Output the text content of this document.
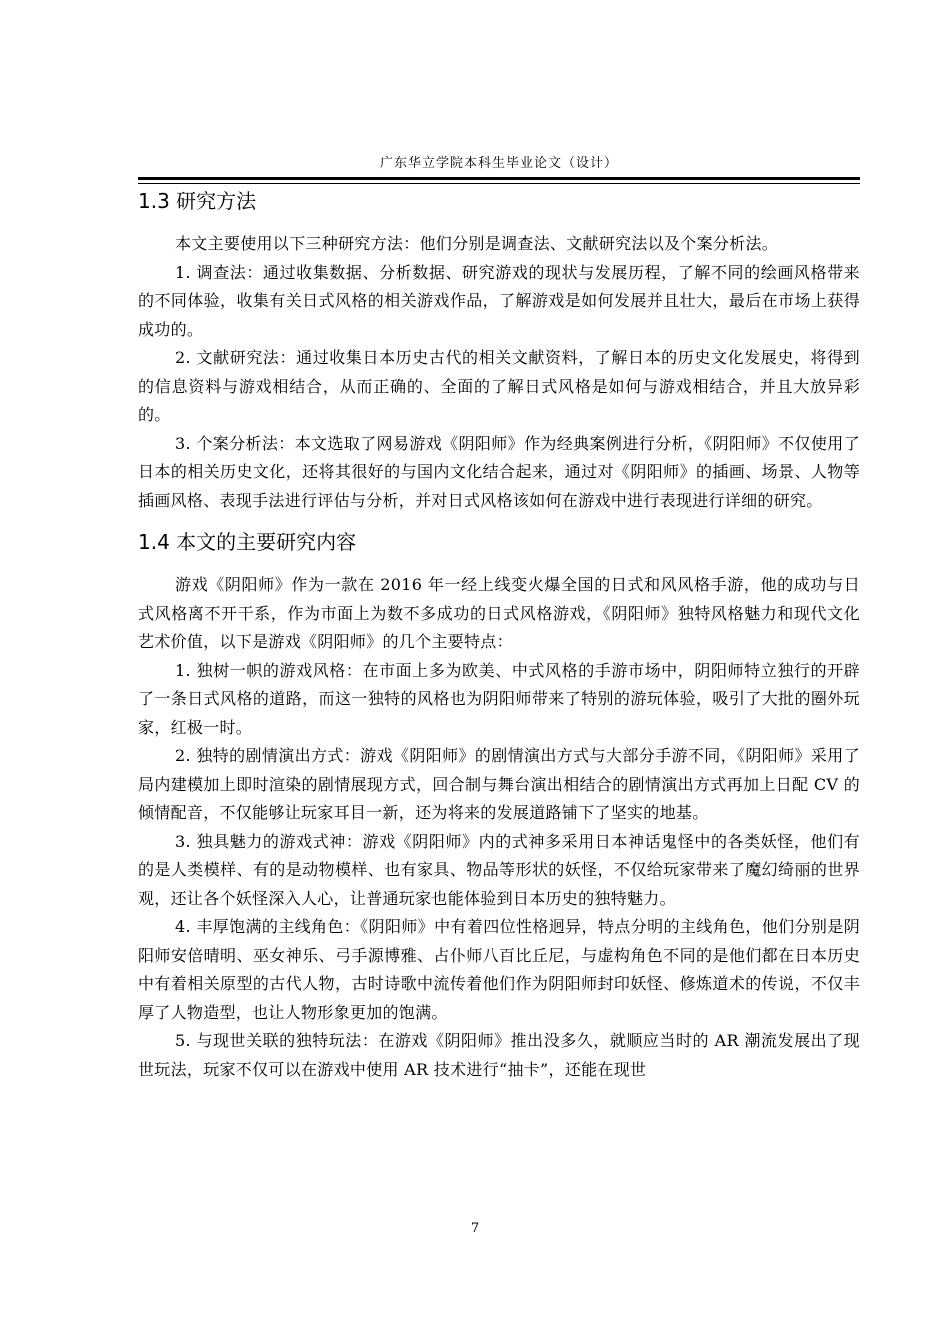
广东华立学院本科生毕业论文（设计）
1.3 研究方法

本文主要使用以下三种研究方法：他们分别是调查法、文献研究法以及个案分析法。

1. 调查法：通过收集数据、分析数据、研究游戏的现状与发展历程，了解不同的绘画风格带来的不同体验，收集有关日式风格的相关游戏作品，了解游戏是如何发展并且壮大，最后在市场上获得成功的。

2. 文献研究法：通过收集日本历史古代的相关文献资料，了解日本的历史文化发展史，将得到的信息资料与游戏相结合，从而正确的、全面的了解日式风格是如何与游戏相结合，并且大放异彩的。

3. 个案分析法：本文选取了网易游戏《阴阳师》作为经典案例进行分析，《阴阳师》不仅使用了日本的相关历史文化，还将其很好的与国内文化结合起来，通过对《阴阳师》的插画、场景、人物等插画风格、表现手法进行评估与分析，并对日式风格该如何在游戏中进行表现进行详细的研究。

1.4 本文的主要研究内容

游戏《阴阳师》作为一款在 2016 年一经上线变火爆全国的日式和风风格手游，他的成功与日式风格离不开干系，作为市面上为数不多成功的日式风格游戏，《阴阳师》独特风格魅力和现代文化艺术价值，以下是游戏《阴阳师》的几个主要特点：

1. 独树一帜的游戏风格：在市面上多为欧美、中式风格的手游市场中，阴阳师特立独行的开辟了一条日式风格的道路，而这一独特的风格也为阴阳师带来了特别的游玩体验，吸引了大批的圈外玩家，红极一时。

2. 独特的剧情演出方式：游戏《阴阳师》的剧情演出方式与大部分手游不同，《阴阳师》采用了局内建模加上即时渲染的剧情展现方式，回合制与舞台演出相结合的剧情演出方式再加上日配 CV 的倾情配音，不仅能够让玩家耳目一新，还为将来的发展道路铺下了坚实的地基。

3. 独具魅力的游戏式神：游戏《阴阳师》内的式神多采用日本神话鬼怪中的各类妖怪，他们有的是人类模样、有的是动物模样、也有家具、物品等形状的妖怪，不仅给玩家带来了魔幻绮丽的世界观，还让各个妖怪深入人心，让普通玩家也能体验到日本历史的独特魅力。

4. 丰厚饱满的主线角色：《阴阳师》中有着四位性格迥异，特点分明的主线角色，他们分别是阴阳师安倍晴明、巫女神乐、弓手源博雅、占仆师八百比丘尼，与虚构角色不同的是他们都在日本历史中有着相关原型的古代人物，古时诗歌中流传着他们作为阴阳师封印妖怪、修炼道术的传说，不仅丰厚了人物造型，也让人物形象更加的饱满。

5. 与现世关联的独特玩法：在游戏《阴阳师》推出没多久，就顺应当时的 AR 潮流发展出了现世玩法，玩家不仅可以在游戏中使用 AR 技术进行“抽卡”，还能在现世

7
